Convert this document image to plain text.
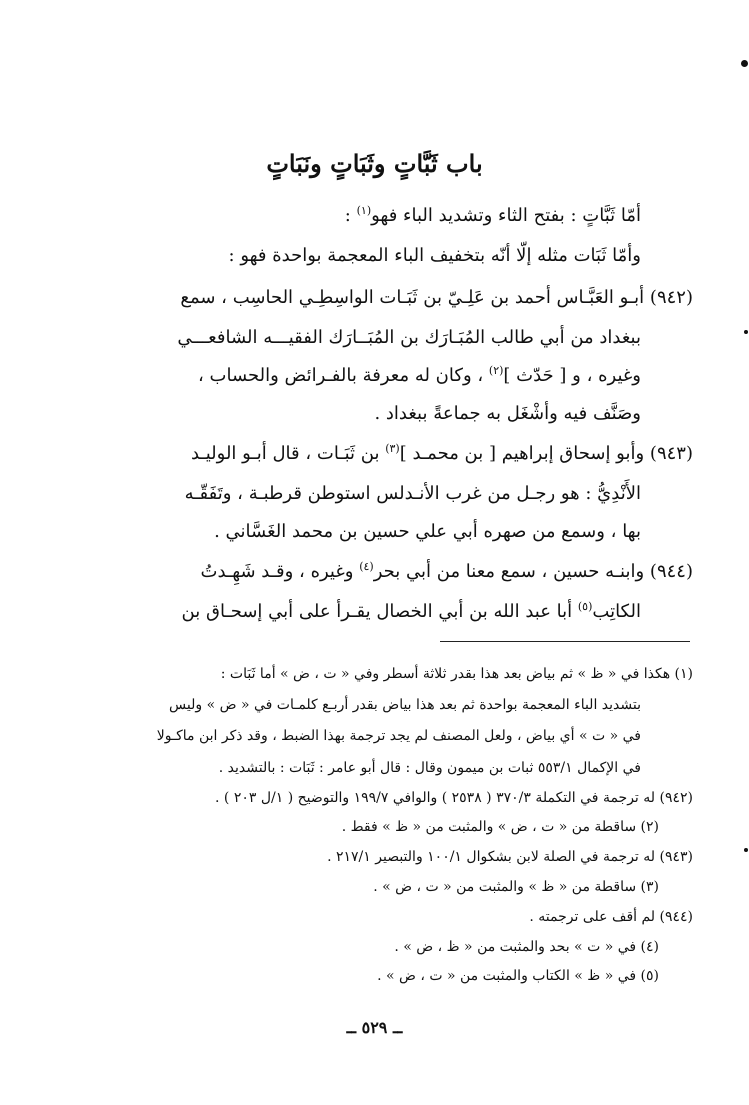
باب ثَبَّاتٍ وثَبَاتٍ ونَبَاتٍ
أمّا ثَبَّاتٍ : بفتح الثاء وتشديد الباء فهو$^{(١)}$ :
وأمّا ثَبَات مثله إلّا أنّه بتخفيف الباء المعجمة بواحدة فهو :
(٩٤٢) أبـو العَبَّـاس أحمد بن عَلِـيّ بن ثَبَـات الواسِطِـي الحاسِب ، سمع
ببغداد من أبي طالب المُبَـارَك بن المُبَــارَك الفقيـــه الشافعـــي
وغيره ، و [ حَدّث ]$^{(٢)}$ ، وكان له معرفة بالفـرائض والحساب ،
وصَنَّف فيه وأشْغَل به جماعةً ببغداد .
(٩٤٣) وأبو إسحاق إبراهيم [ بن محمـد ]$^{(٣)}$ بن ثَبَـات ، قال أبـو الوليـد
الأَنْدِيُّ : هو رجـل من غرب الأنـدلس استوطن قرطبـة ، وتَفَقّـه
بها ، وسمع من صهره أبي علي حسين بن محمد الغَسَّاني .
(٩٤٤) وابنـه حسين ، سمع معنا من أبي بحر$^{(٤)}$ وغيره ، وقـد شَهِـدتُ
الكاتِب$^{(٥)}$ أبا عبد الله بن أبي الخصال يقـرأ على أبي إسحـاق بن
(١) هكذا في « ظ » ثم بياض بعد هذا بقدر ثلاثة أسطر وفي « ت ، ض » أما ثَبَات :
بتشديد الباء المعجمة بواحدة ثم بعد هذا بياض بقدر أربـع كلمـات في « ض » وليس
في « ت » أي بياض ، ولعل المصنف لم يجد ترجمة بهذا الضبط ، وقد ذكر ابن ماكـولا
في الإكمال ٥٥٣/١ ثبات بن ميمون وقال : قال أبو عامر : ثَبَات : بالتشديد .
(٩٤٢) له ترجمة في التكملة ٣٧٠/٣ ( ٢٥٣٨ ) والوافي ١٩٩/٧ والتوضيح ( ١/ل ٢٠٣ ) .
(٢) ساقطة من « ت ، ض » والمثبت من « ظ » فقط .
(٩٤٣) له ترجمة في الصلة لابن بشكوال ١٠٠/١ والتبصير ٢١٧/١ .
(٣) ساقطة من « ظ » والمثبت من « ت ، ض » .
(٩٤٤) لم أقف على ترجمته .
(٤) في « ت » بحد والمثبت من « ظ ، ض » .
(٥) في « ظ » الكتاب والمثبت من « ت ، ض » .
ــ ٥٢٩ ــ
